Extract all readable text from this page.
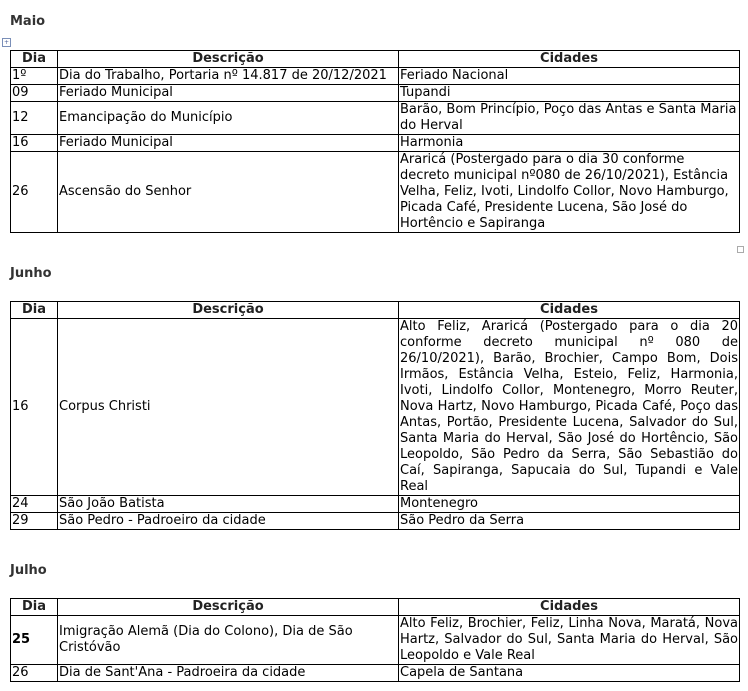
+
Maio
Dia	Descrição	Cidades
1º	Dia do Trabalho, Portaria nº 14.817 de 20/12/2021	Feriado Nacional
09	Feriado Municipal	Tupandi
12	Emancipação do Município	Barão, Bom Princípio, Poço das Antas e Santa Maria do Herval
16	Feriado Municipal	Harmonia
26	Ascensão do Senhor	Araricá (Postergado para o dia 30 conforme decreto municipal nº080 de 26/10/2021), Estância Velha, Feliz, Ivoti, Lindolfo Collor, Novo Hamburgo, Picada Café, Presidente Lucena, São José do Hortêncio e Sapiranga
Junho
Dia	Descrição	Cidades
16	Corpus Christi	Alto Feliz, Araricá (Postergado para o dia 20 conforme decreto municipal nº 080 de 26/10/2021), Barão, Brochier, Campo Bom, Dois Irmãos, Estância Velha, Esteio, Feliz, Harmonia, Ivoti, Lindolfo Collor, Montenegro, Morro Reuter, Nova Hartz, Novo Hamburgo, Picada Café, Poço das Antas, Portão, Presidente Lucena, Salvador do Sul, Santa Maria do Herval, São José do Hortêncio, São Leopoldo, São Pedro da Serra, São Sebastião do Caí, Sapiranga, Sapucaia do Sul, Tupandi e Vale Real
24	São João Batista	Montenegro
29	São Pedro - Padroeiro da cidade	São Pedro da Serra
Julho
Dia	Descrição	Cidades
25	Imigração Alemã (Dia do Colono), Dia de São Cristóvão	Alto Feliz, Brochier, Feliz, Linha Nova, Maratá, Nova Hartz, Salvador do Sul, Santa Maria do Herval, São Leopoldo e Vale Real
26	Dia de Sant'Ana - Padroeira da cidade	Capela de Santana
